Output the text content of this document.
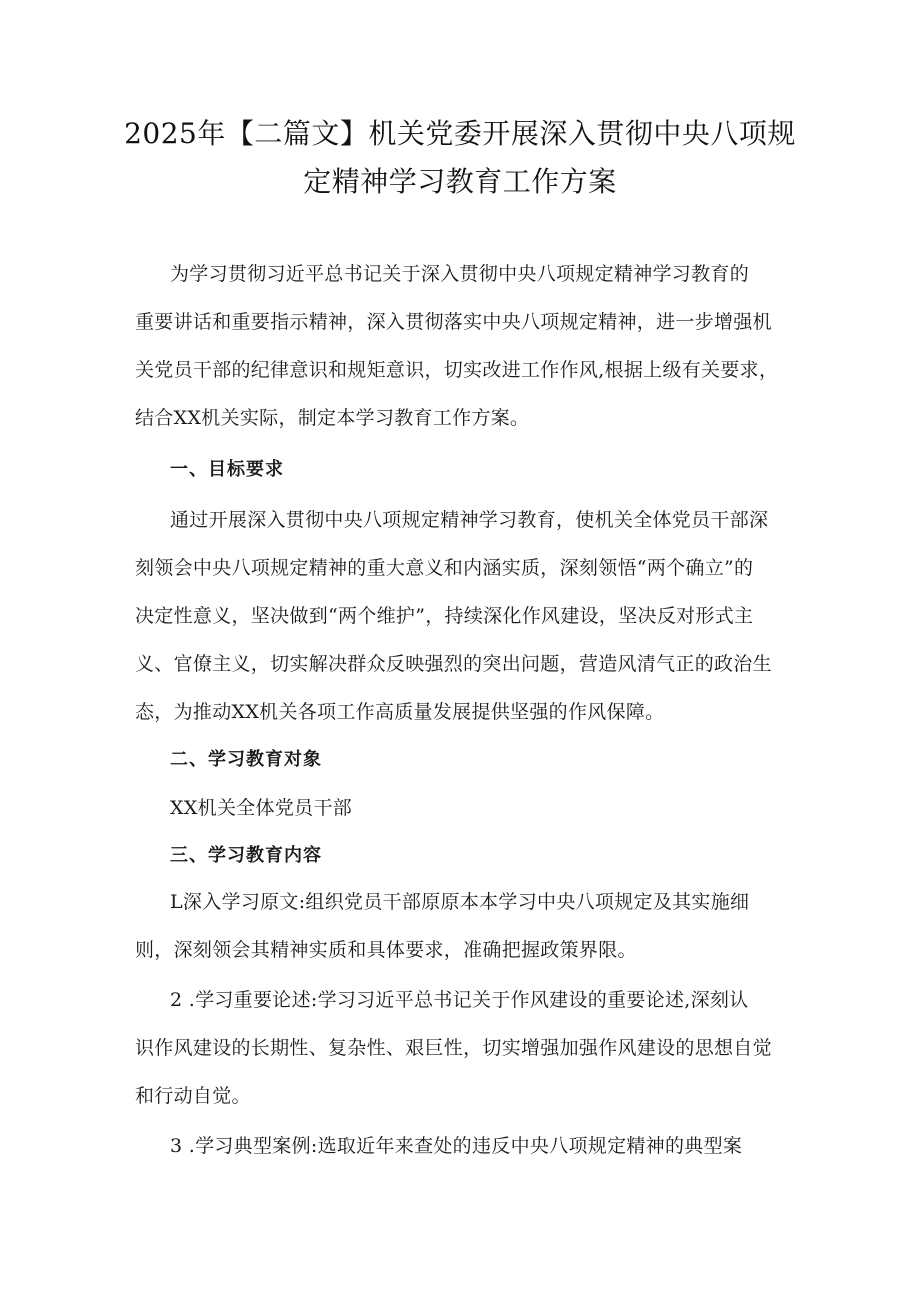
2025年【二篇文】机关党委开展深入贯彻中央八项规
定精神学习教育工作方案
为学习贯彻习近平总书记关于深入贯彻中央八项规定精神学习教育的
重要讲话和重要指示精神，深入贯彻落实中央八项规定精神，进一步增强机
关党员干部的纪律意识和规矩意识，切实改进工作作风,根据上级有关要求，
结合XX机关实际，制定本学习教育工作方案。
一、目标要求
通过开展深入贯彻中央八项规定精神学习教育，使机关全体党员干部深
刻领会中央八项规定精神的重大意义和内涵实质，深刻领悟“两个确立”的
决定性意义，坚决做到“两个维护”，持续深化作风建设，坚决反对形式主
义、官僚主义，切实解决群众反映强烈的突出问题，营造风清气正的政治生
态，为推动XX机关各项工作高质量发展提供坚强的作风保障。
二、学习教育对象
XX机关全体党员干部
三、学习教育内容
L深入学习原文:组织党员干部原原本本学习中央八项规定及其实施细
则，深刻领会其精神实质和具体要求，准确把握政策界限。
2 .学习重要论述:学习习近平总书记关于作风建设的重要论述,深刻认
识作风建设的长期性、复杂性、艰巨性，切实增强加强作风建设的思想自觉
和行动自觉。
3 .学习典型案例:选取近年来查处的违反中央八项规定精神的典型案
